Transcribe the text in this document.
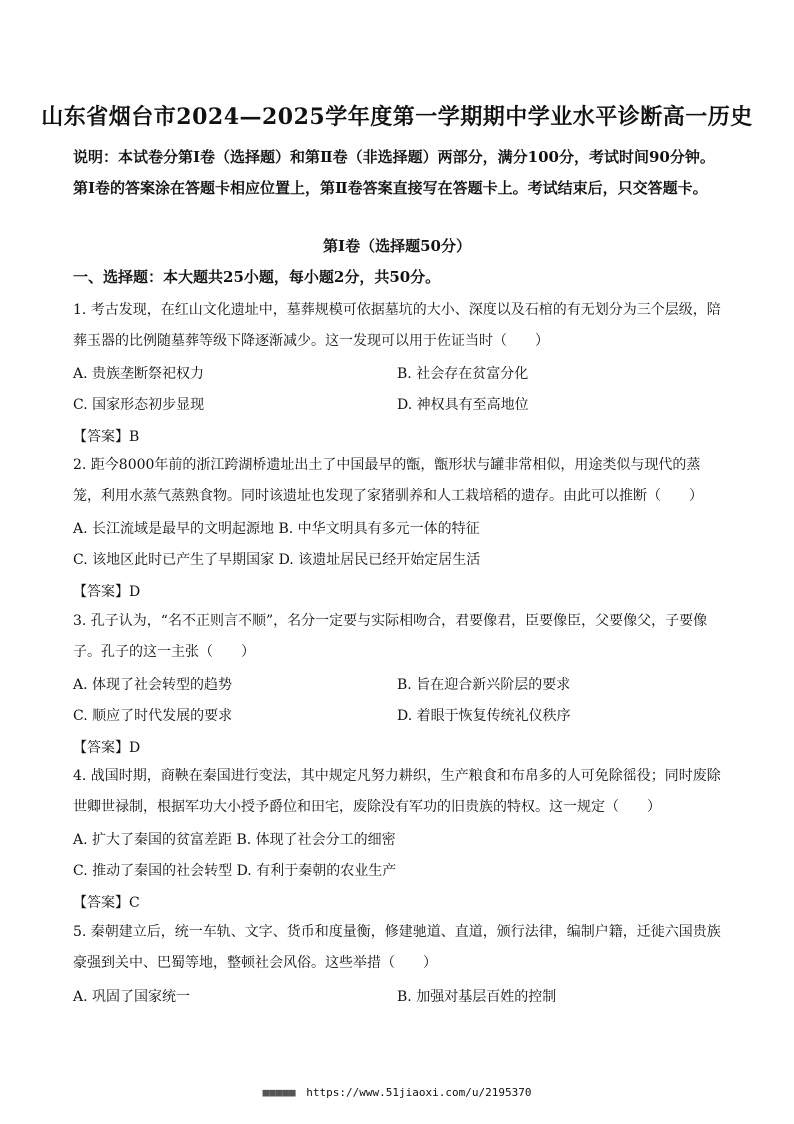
山东省烟台市2024—2025学年度第一学期期中学业水平诊断高一历史

说明：本试卷分第Ⅰ卷（选择题）和第Ⅱ卷（非选择题）两部分，满分100分，考试时间90分钟。第Ⅰ卷的答案涂在答题卡相应位置上，第Ⅱ卷答案直接写在答题卡上。考试结束后，只交答题卡。

第Ⅰ卷（选择题50分）
一、选择题：本大题共25小题，每小题2分，共50分。

1. 考古发现，在红山文化遗址中，墓葬规模可依据墓坑的大小、深度以及石棺的有无划分为三个层级，陪葬玉器的比例随墓葬等级下降逐渐减少。这一发现可以用于佐证当时（　　）

A. 贵族垄断祭祀权力	B. 社会存在贫富分化
C. 国家形态初步显现	D. 神权具有至高地位
【答案】B

2. 距今8000年前的浙江跨湖桥遗址出土了中国最早的甑，甑形状与罐非常相似，用途类似与现代的蒸笼，利用水蒸气蒸熟食物。同时该遗址也发现了家猪驯养和人工栽培稻的遗存。由此可以推断（　　）

A. 长江流域是最早的文明起源地 B. 中华文明具有多元一体的特征
C. 该地区此时已产生了早期国家 D. 该遗址居民已经开始定居生活
【答案】D

3. 孔子认为，“名不正则言不顺”，名分一定要与实际相吻合，君要像君，臣要像臣，父要像父，子要像子。孔子的这一主张（　　）

A. 体现了社会转型的趋势	B. 旨在迎合新兴阶层的要求
C. 顺应了时代发展的要求	D. 着眼于恢复传统礼仪秩序
【答案】D

4. 战国时期，商鞅在秦国进行变法，其中规定凡努力耕织，生产粮食和布帛多的人可免除徭役；同时废除世卿世禄制，根据军功大小授予爵位和田宅，废除没有军功的旧贵族的特权。这一规定（　　）

A. 扩大了秦国的贫富差距 B. 体现了社会分工的细密
C. 推动了秦国的社会转型 D. 有利于秦朝的农业生产
【答案】C

5. 秦朝建立后，统一车轨、文字、货币和度量衡，修建驰道、直道，颁行法律，编制户籍，迁徙六国贵族豪强到关中、巴蜀等地，整顿社会风俗。这些举措（　　）

A. 巩固了国家统一	B. 加强对基层百姓的控制
■■■■■ https://www.51jiaoxi.com/u/2195370
